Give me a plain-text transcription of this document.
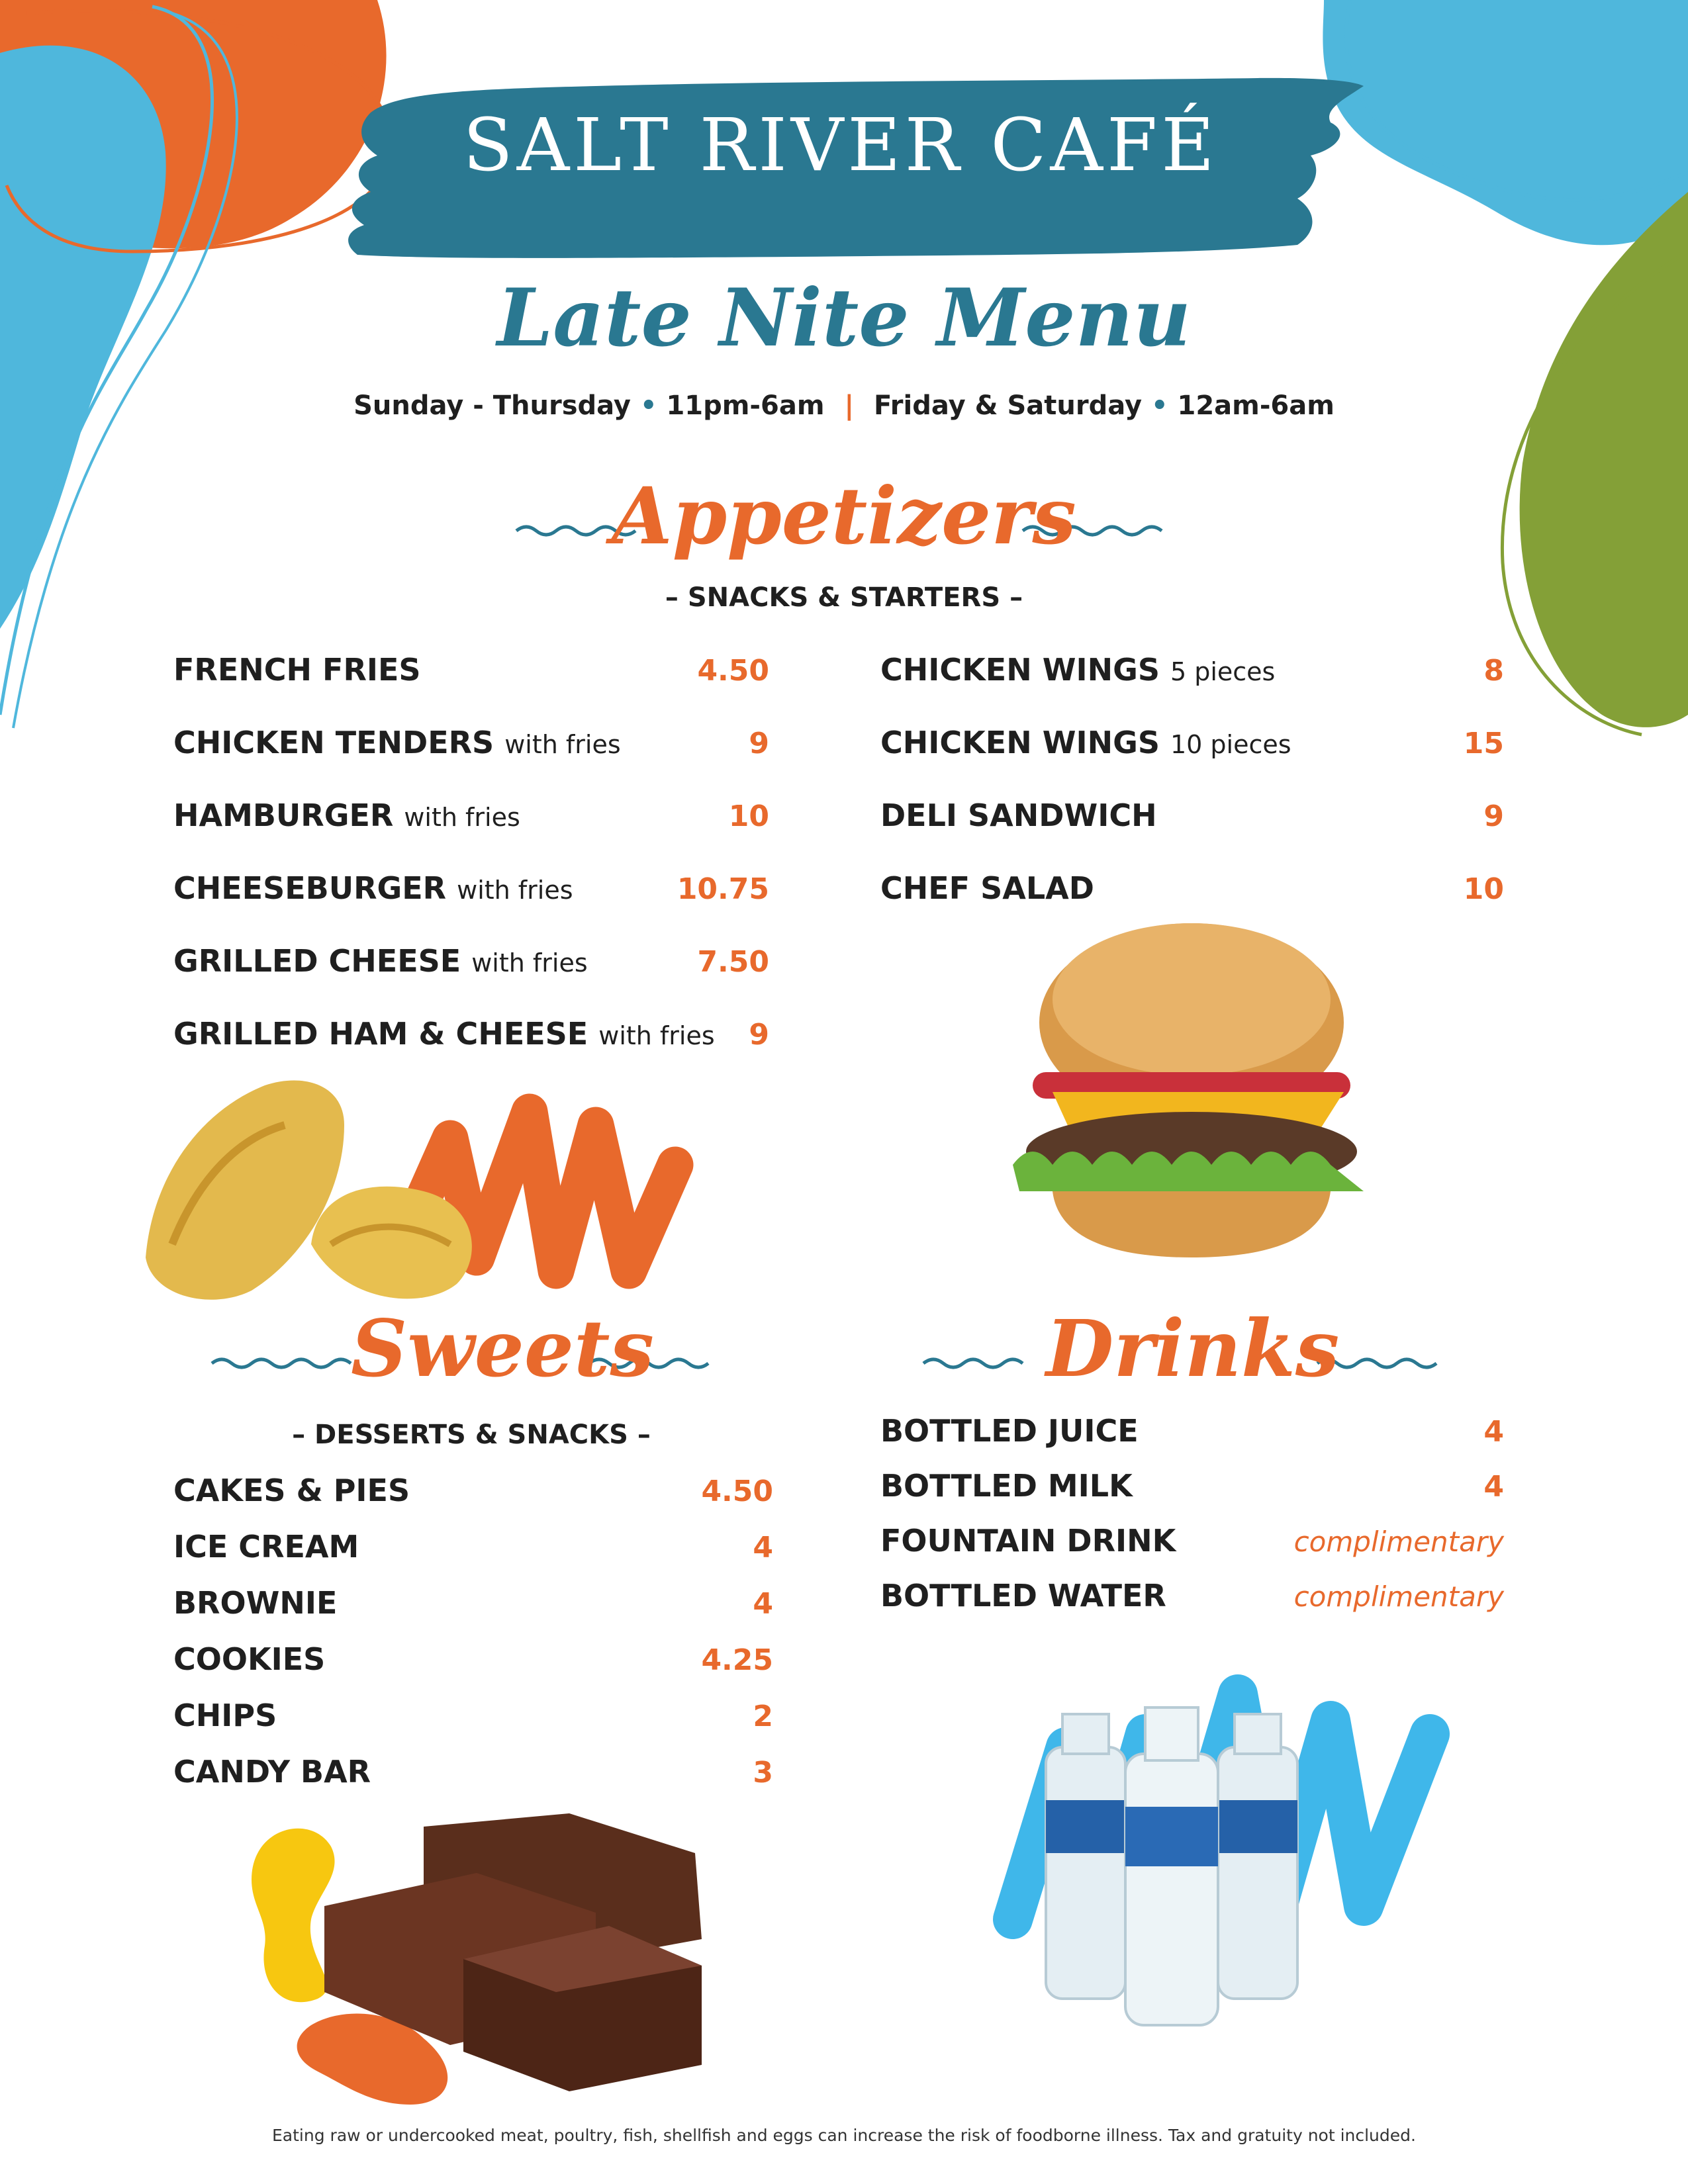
SALT RIVER CAFÉ
Late Nite Menu
Sunday - Thursday • 11pm-6am | Friday & Saturday • 12am-6am
Appetizers
– SNACKS & STARTERS –
FRENCH FRIES	4.50
CHICKEN TENDERS with fries	9
HAMBURGER with fries	10
CHEESEBURGER with fries	10.75
GRILLED CHEESE with fries	7.50
GRILLED HAM & CHEESE with fries 9
CHICKEN WINGS 5 pieces	8
CHICKEN WINGS 10 pieces	15
DELI SANDWICH	9
CHEF SALAD	10
Sweets
– DESSERTS & SNACKS –
CAKES & PIES	4.50
ICE CREAM	4
BROWNIE	4
COOKIES	4.25
CHIPS	2
CANDY BAR	3
Drinks
BOTTLED JUICE	4
BOTTLED MILK	4
FOUNTAIN DRINK	complimentary
BOTTLED WATER	complimentary
Eating raw or undercooked meat, poultry, fish, shellfish and eggs can increase the risk of foodborne illness. Tax and gratuity not included.
